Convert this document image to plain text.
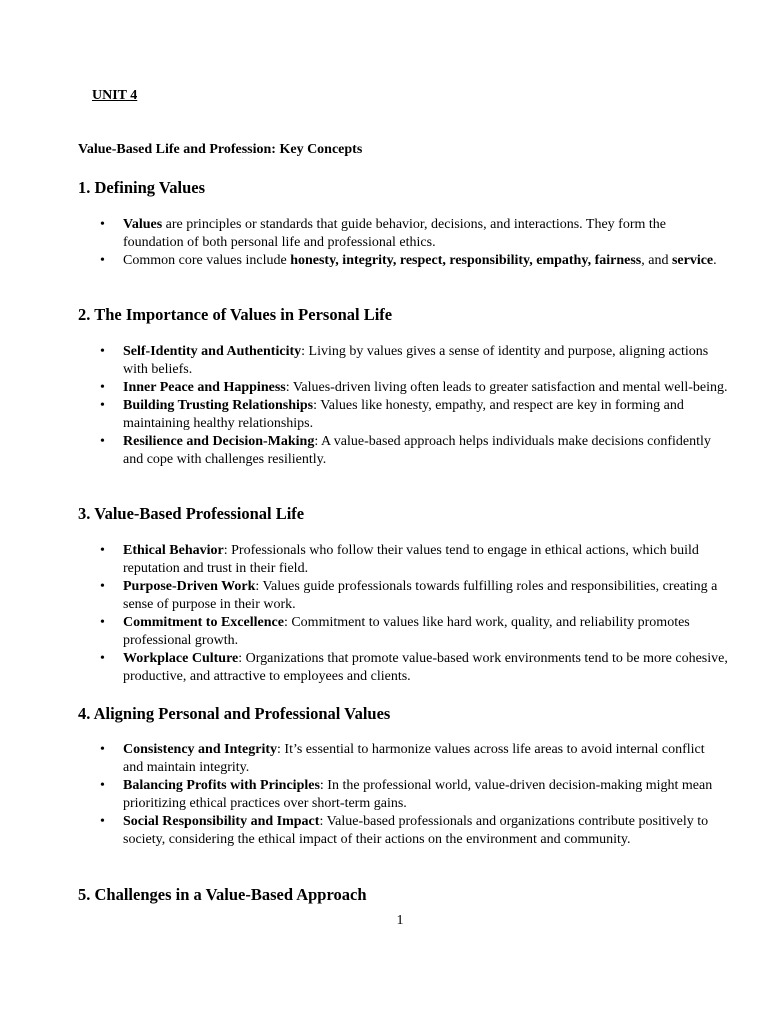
UNIT 4
Value-Based Life and Profession: Key Concepts
1. Defining Values
• Values are principles or standards that guide behavior, decisions, and interactions. They form the foundation of both personal life and professional ethics.
• Common core values include honesty, integrity, respect, responsibility, empathy, fairness, and service.
2. The Importance of Values in Personal Life
• Self-Identity and Authenticity: Living by values gives a sense of identity and purpose, aligning actions with beliefs.
• Inner Peace and Happiness: Values-driven living often leads to greater satisfaction and mental well-being.
• Building Trusting Relationships: Values like honesty, empathy, and respect are key in forming and maintaining healthy relationships.
• Resilience and Decision-Making: A value-based approach helps individuals make decisions confidently and cope with challenges resiliently.
3. Value-Based Professional Life
• Ethical Behavior: Professionals who follow their values tend to engage in ethical actions, which build reputation and trust in their field.
• Purpose-Driven Work: Values guide professionals towards fulfilling roles and responsibilities, creating a sense of purpose in their work.
• Commitment to Excellence: Commitment to values like hard work, quality, and reliability promotes professional growth.
• Workplace Culture: Organizations that promote value-based work environments tend to be more cohesive, productive, and attractive to employees and clients.
4. Aligning Personal and Professional Values
• Consistency and Integrity: It’s essential to harmonize values across life areas to avoid internal conflict and maintain integrity.
• Balancing Profits with Principles: In the professional world, value-driven decision-making might mean prioritizing ethical practices over short-term gains.
• Social Responsibility and Impact: Value-based professionals and organizations contribute positively to society, considering the ethical impact of their actions on the environment and community.
5. Challenges in a Value-Based Approach
1
